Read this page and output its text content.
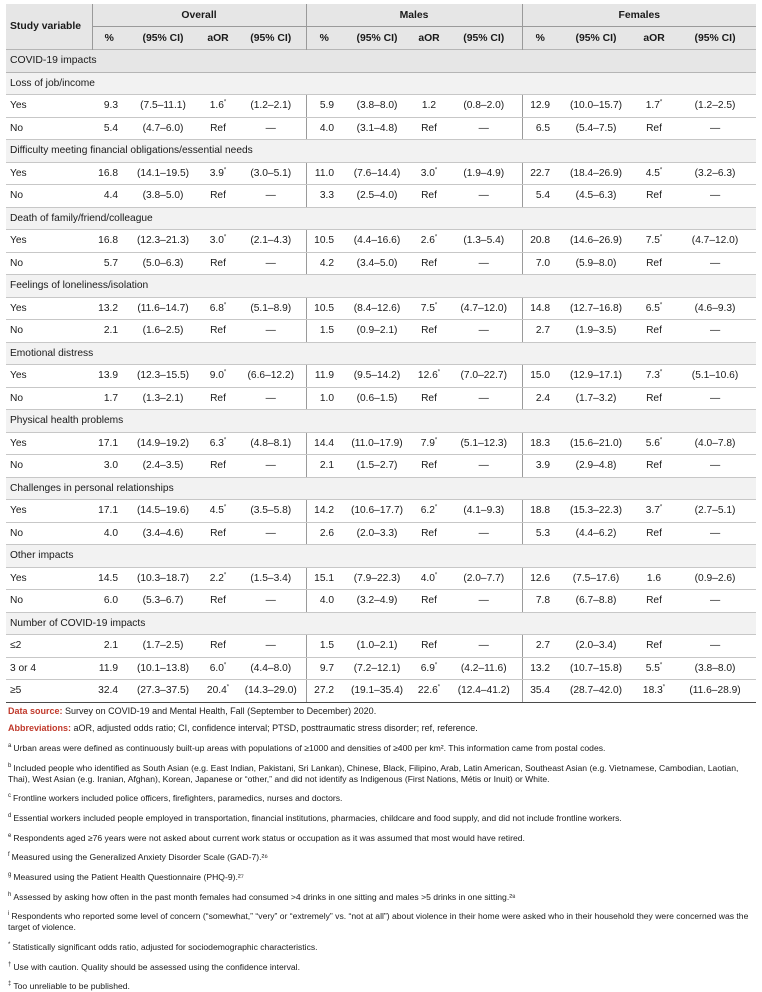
Study variable	Overall				Males				Females			
	%	(95% CI)	aOR	(95% CI)	%	(95% CI)	aOR	(95% CI)	%	(95% CI)	aOR	(95% CI)
COVID-19 impacts												
Loss of job/income												
Yes	9.3	(7.5–11.1)	1.6*	(1.2–2.1)	5.9	(3.8–8.0)	1.2	(0.8–2.0)	12.9	(10.0–15.7)	1.7*	(1.2–2.5)
No	5.4	(4.7–6.0)	Ref	—	4.0	(3.1–4.8)	Ref	—	6.5	(5.4–7.5)	Ref	—
Difficulty meeting financial obligations/essential needs												
Yes	16.8	(14.1–19.5)	3.9*	(3.0–5.1)	11.0	(7.6–14.4)	3.0*	(1.9–4.9)	22.7	(18.4–26.9)	4.5*	(3.2–6.3)
No	4.4	(3.8–5.0)	Ref	—	3.3	(2.5–4.0)	Ref	—	5.4	(4.5–6.3)	Ref	—
Death of family/friend/colleague												
Yes	16.8	(12.3–21.3)	3.0*	(2.1–4.3)	10.5	(4.4–16.6)	2.6*	(1.3–5.4)	20.8	(14.6–26.9)	7.5*	(4.7–12.0)
No	5.7	(5.0–6.3)	Ref	—	4.2	(3.4–5.0)	Ref	—	7.0	(5.9–8.0)	Ref	—
Feelings of loneliness/isolation												
Yes	13.2	(11.6–14.7)	6.8*	(5.1–8.9)	10.5	(8.4–12.6)	7.5*	(4.7–12.0)	14.8	(12.7–16.8)	6.5*	(4.6–9.3)
No	2.1	(1.6–2.5)	Ref	—	1.5	(0.9–2.1)	Ref	—	2.7	(1.9–3.5)	Ref	—
Emotional distress												
Yes	13.9	(12.3–15.5)	9.0*	(6.6–12.2)	11.9	(9.5–14.2)	12.6*	(7.0–22.7)	15.0	(12.9–17.1)	7.3*	(5.1–10.6)
No	1.7	(1.3–2.1)	Ref	—	1.0	(0.6–1.5)	Ref	—	2.4	(1.7–3.2)	Ref	—
Physical health problems												
Yes	17.1	(14.9–19.2)	6.3*	(4.8–8.1)	14.4	(11.0–17.9)	7.9*	(5.1–12.3)	18.3	(15.6–21.0)	5.6*	(4.0–7.8)
No	3.0	(2.4–3.5)	Ref	—	2.1	(1.5–2.7)	Ref	—	3.9	(2.9–4.8)	Ref	—
Challenges in personal relationships												
Yes	17.1	(14.5–19.6)	4.5*	(3.5–5.8)	14.2	(10.6–17.7)	6.2*	(4.1–9.3)	18.8	(15.3–22.3)	3.7*	(2.7–5.1)
No	4.0	(3.4–4.6)	Ref	—	2.6	(2.0–3.3)	Ref	—	5.3	(4.4–6.2)	Ref	—
Other impacts												
Yes	14.5	(10.3–18.7)	2.2*	(1.5–3.4)	15.1	(7.9–22.3)	4.0*	(2.0–7.7)	12.6	(7.5–17.6)	1.6	(0.9–2.6)
No	6.0	(5.3–6.7)	Ref	—	4.0	(3.2–4.9)	Ref	—	7.8	(6.7–8.8)	Ref	—
Number of COVID-19 impacts												
≤2	2.1	(1.7–2.5)	Ref	—	1.5	(1.0–2.1)	Ref	—	2.7	(2.0–3.4)	Ref	—
3 or 4	11.9	(10.1–13.8)	6.0*	(4.4–8.0)	9.7	(7.2–12.1)	6.9*	(4.2–11.6)	13.2	(10.7–15.8)	5.5*	(3.8–8.0)
≥5	32.4	(27.3–37.5)	20.4*	(14.3–29.0)	27.2	(19.1–35.4)	22.6*	(12.4–41.2)	35.4	(28.7–42.0)	18.3*	(11.6–28.9)

Data source: Survey on COVID-19 and Mental Health, Fall (September to December) 2020.

Abbreviations: aOR, adjusted odds ratio; CI, confidence interval; PTSD, posttraumatic stress disorder; ref, reference.

$^a$ Urban areas were defined as continuously built-up areas with populations of ≥1000 and densities of ≥400 per km². This information came from postal codes.

$^b$ Included people who identified as South Asian (e.g. East Indian, Pakistani, Sri Lankan), Chinese, Black, Filipino, Arab, Latin American, Southeast Asian (e.g. Vietnamese, Cambodian, Laotian, Thai), West Asian (e.g. Iranian, Afghan), Korean, Japanese or “other,” and did not identify as Indigenous (First Nations, Métis or Inuit) or White.

$^c$ Frontline workers included police officers, firefighters, paramedics, nurses and doctors.

$^d$ Essential workers included people employed in transportation, financial institutions, pharmacies, childcare and food supply, and did not include frontline workers.

$^e$ Respondents aged ≥76 years were not asked about current work status or occupation as it was assumed that most would have retired.

$^f$ Measured using the Generalized Anxiety Disorder Scale (GAD-7).²⁶

$^g$ Measured using the Patient Health Questionnaire (PHQ-9).²⁷

$^h$ Assessed by asking how often in the past month females had consumed >4 drinks in one sitting and males >5 drinks in one sitting.²⁸

$^i$ Respondents who reported some level of concern (“somewhat,” “very” or “extremely” vs. “not at all”) about violence in their home were asked who in their household they were concerned was the target of violence.

* Statistically significant odds ratio, adjusted for sociodemographic characteristics.

† Use with caution. Quality should be assessed using the confidence interval.

‡ Too unreliable to be published.
